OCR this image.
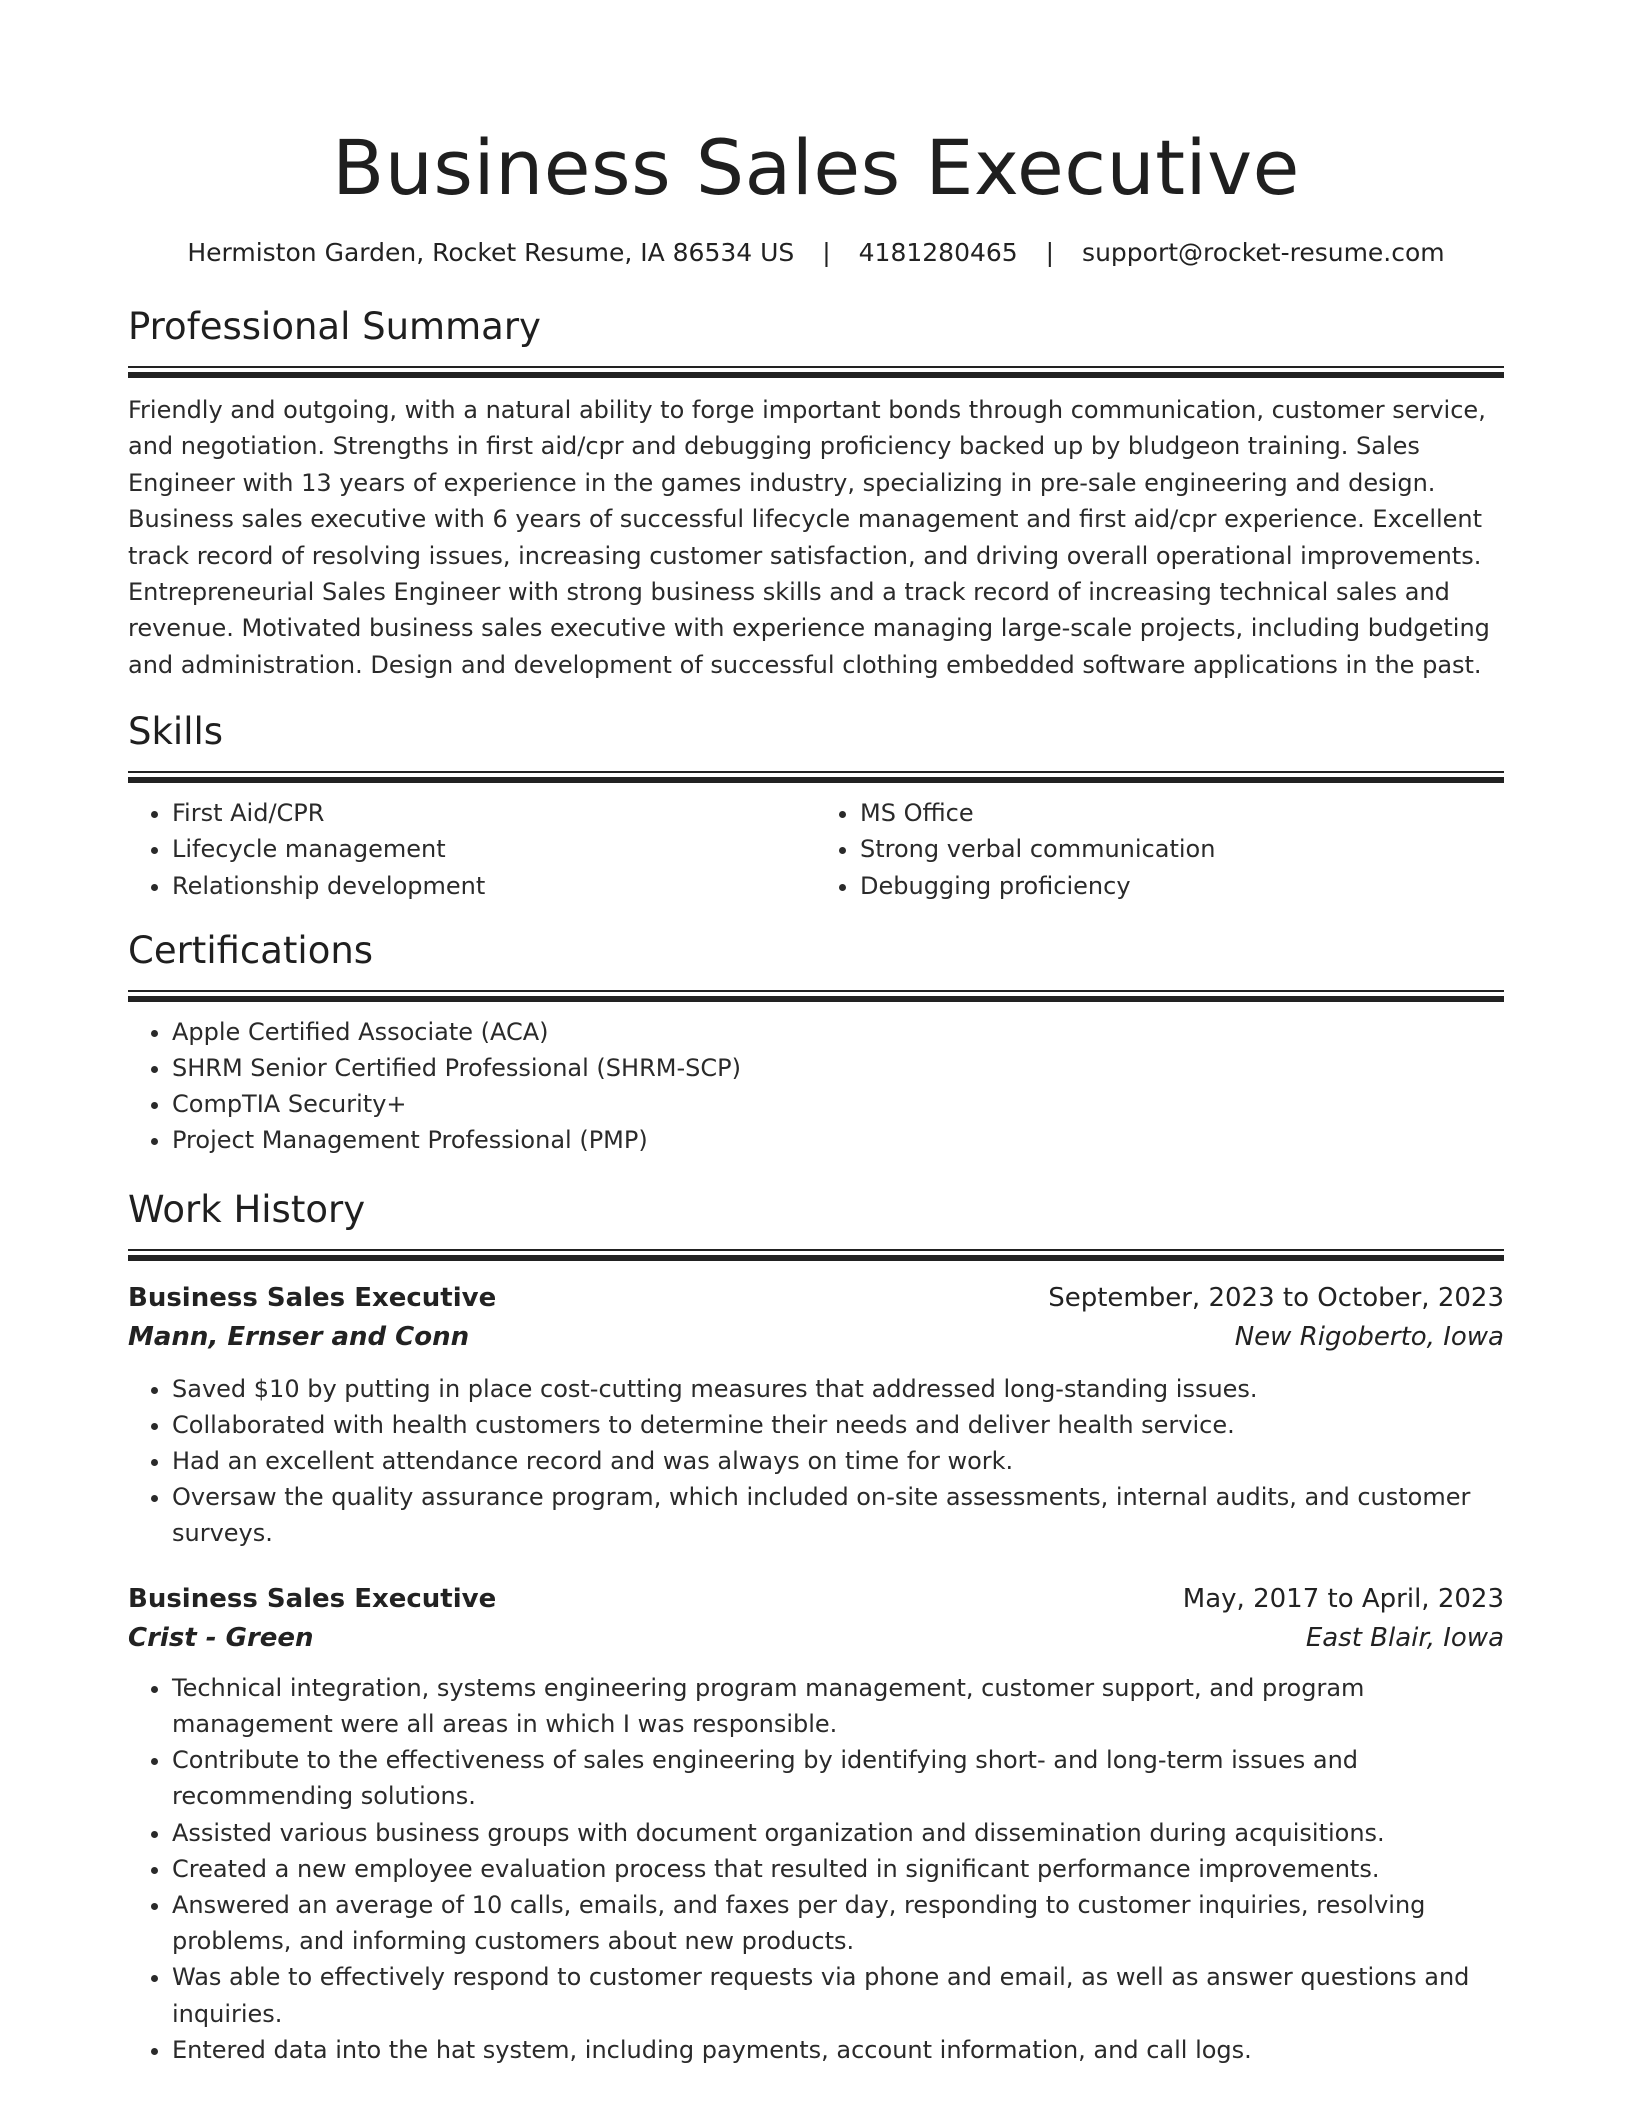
Business Sales Executive
Hermiston Garden, Rocket Resume, IA 86534 US | 4181280465 | support@rocket-resume.com
Professional Summary

Friendly and outgoing, with a natural ability to forge important bonds through communication, customer service, and negotiation. Strengths in first aid/cpr and debugging proficiency backed up by bludgeon training. Sales Engineer with 13 years of experience in the games industry, specializing in pre-sale engineering and design. Business sales executive with 6 years of successful lifecycle management and first aid/cpr experience. Excellent track record of resolving issues, increasing customer satisfaction, and driving overall operational improvements. Entrepreneurial Sales Engineer with strong business skills and a track record of increasing technical sales and revenue. Motivated business sales executive with experience managing large-scale projects, including budgeting and administration. Design and development of successful clothing embedded software applications in the past.

Skills
• First Aid/CPR
• Lifecycle management
• Relationship development
• MS Office
• Strong verbal communication
• Debugging proficiency
Certifications
• Apple Certified Associate (ACA)
• SHRM Senior Certified Professional (SHRM-SCP)
• CompTIA Security+
• Project Management Professional (PMP)
Work History
Business Sales Executive	September, 2023 to October, 2023
Mann, Ernser and Conn	New Rigoberto, Iowa
• Saved $10 by putting in place cost-cutting measures that addressed long-standing issues.
• Collaborated with health customers to determine their needs and deliver health service.
• Had an excellent attendance record and was always on time for work.
• Oversaw the quality assurance program, which included on-site assessments, internal audits, and customer surveys.
Business Sales Executive	May, 2017 to April, 2023
Crist - Green	East Blair, Iowa
• Technical integration, systems engineering program management, customer support, and program management were all areas in which I was responsible.
• Contribute to the effectiveness of sales engineering by identifying short- and long-term issues and recommending solutions.
• Assisted various business groups with document organization and dissemination during acquisitions.
• Created a new employee evaluation process that resulted in significant performance improvements.
• Answered an average of 10 calls, emails, and faxes per day, responding to customer inquiries, resolving problems, and informing customers about new products.
• Was able to effectively respond to customer requests via phone and email, as well as answer questions and inquiries.
• Entered data into the hat system, including payments, account information, and call logs.
